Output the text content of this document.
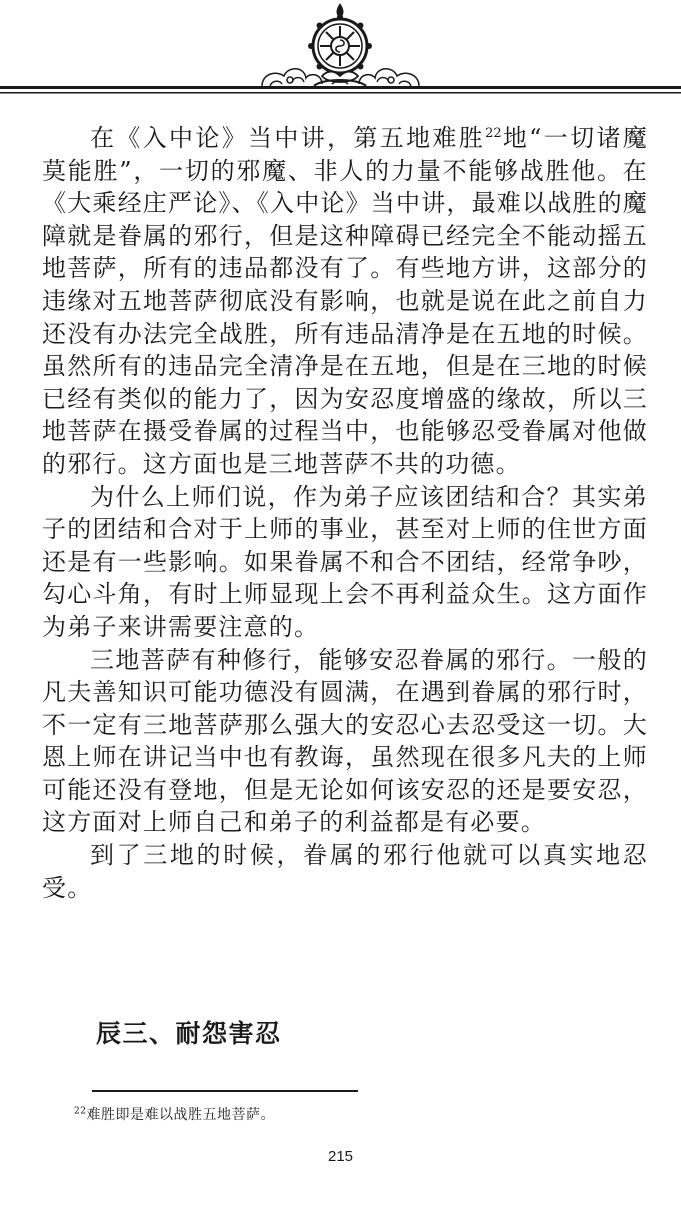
在《入中论》当中讲，第五地难胜$^{22}$地“一切诸魔莫能胜”，一切的邪魔、非人的力量不能够战胜他。在《大乘经庄严论》、《入中论》当中讲，最难以战胜的魔障就是眷属的邪行，但是这种障碍已经完全不能动摇五地菩萨，所有的违品都没有了。有些地方讲，这部分的违缘对五地菩萨彻底没有影响，也就是说在此之前自力还没有办法完全战胜，所有违品清净是在五地的时候。虽然所有的违品完全清净是在五地，但是在三地的时候已经有类似的能力了，因为安忍度增盛的缘故，所以三地菩萨在摄受眷属的过程当中，也能够忍受眷属对他做的邪行。这方面也是三地菩萨不共的功德。

为什么上师们说，作为弟子应该团结和合？其实弟子的团结和合对于上师的事业，甚至对上师的住世方面还是有一些影响。如果眷属不和合不团结，经常争吵，勾心斗角，有时上师显现上会不再利益众生。这方面作为弟子来讲需要注意的。

三地菩萨有种修行，能够安忍眷属的邪行。一般的凡夫善知识可能功德没有圆满，在遇到眷属的邪行时，不一定有三地菩萨那么强大的安忍心去忍受这一切。大恩上师在讲记当中也有教诲，虽然现在很多凡夫的上师可能还没有登地，但是无论如何该安忍的还是要安忍，这方面对上师自己和弟子的利益都是有必要。

到了三地的时候，眷属的邪行他就可以真实地忍受。

辰三、耐怨害忍

$^{22}$难胜即是难以战胜五地菩萨。

215
